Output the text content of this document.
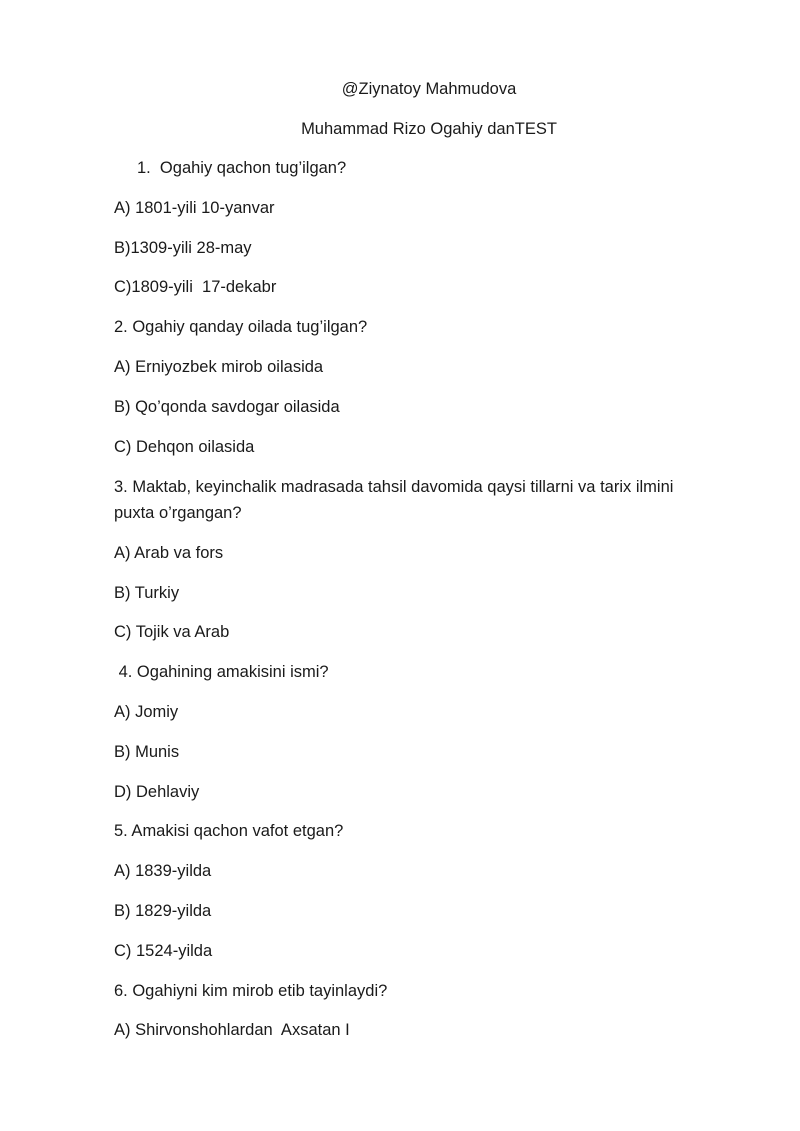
@Ziynatoy Mahmudova
Muhammad Rizo Ogahiy danTEST
1.  Ogahiy qachon tug’ilgan?
A) 1801-yili 10-yanvar
B)1309-yili 28-may
C)1809-yili  17-dekabr
2. Ogahiy qanday oilada tug’ilgan?
A) Erniyozbek mirob oilasida
B) Qo’qonda savdogar oilasida
C) Dehqon oilasida
3. Maktab, keyinchalik madrasada tahsil davomida qaysi tillarni va tarix ilmini puxta o’rgangan?
A) Arab va fors
B) Turkiy
C) Tojik va Arab
4. Ogahining amakisini ismi?
A) Jomiy
B) Munis
D) Dehlaviy
5. Amakisi qachon vafot etgan?
A) 1839-yilda
B) 1829-yilda
C) 1524-yilda
6. Ogahiyni kim mirob etib tayinlaydi?
A) Shirvonshohlardan  Axsatan I
